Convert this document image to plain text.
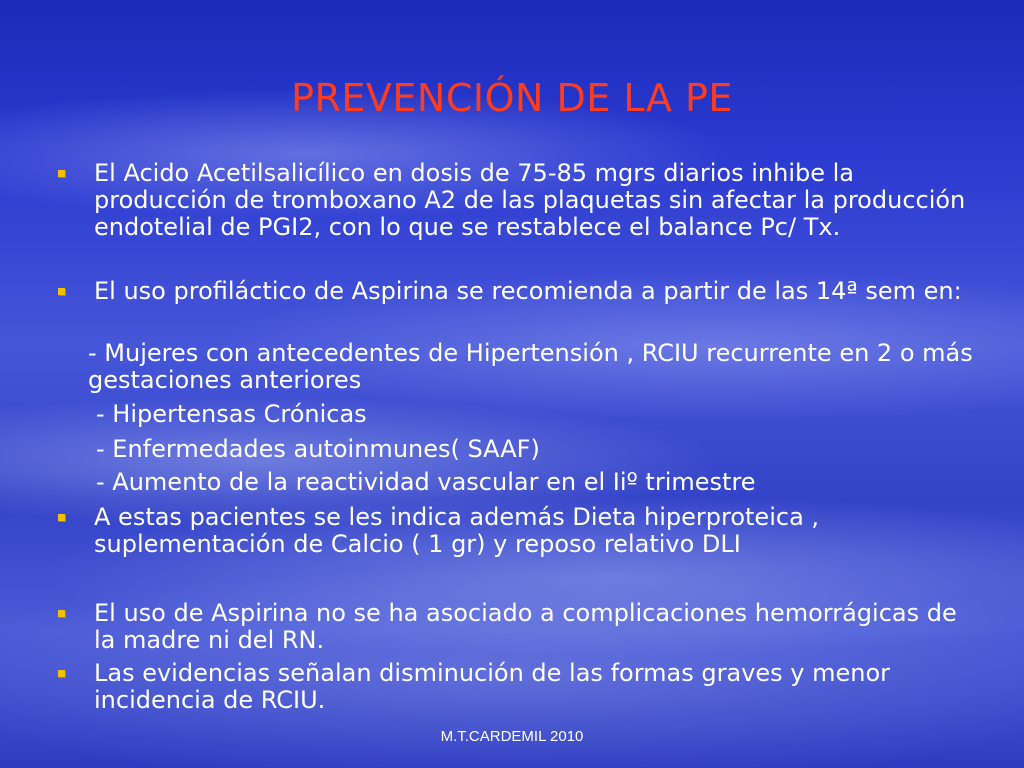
PREVENCIÓN DE LA PE
El Acido Acetilsalicílico en dosis de 75-85 mgrs diarios inhibe la producción de tromboxano A2 de las plaquetas sin afectar la producción endotelial de PGI2, con lo que se restablece el balance Pc/ Tx.
El uso profiláctico de Aspirina se recomienda a partir de las 14ª sem en:
- Mujeres con antecedentes de Hipertensión , RCIU recurrente en 2 o más gestaciones anteriores
- Hipertensas Crónicas
- Enfermedades autoinmunes( SAAF)
- Aumento de la reactividad vascular en el Iiº trimestre
A estas pacientes se les indica además Dieta hiperproteica , suplementación de Calcio ( 1 gr) y reposo relativo DLI
El uso de Aspirina no se ha asociado a complicaciones hemorrágicas de la madre ni del RN.
Las evidencias señalan disminución de las formas graves y menor incidencia de RCIU.
M.T.CARDEMIL 2010
